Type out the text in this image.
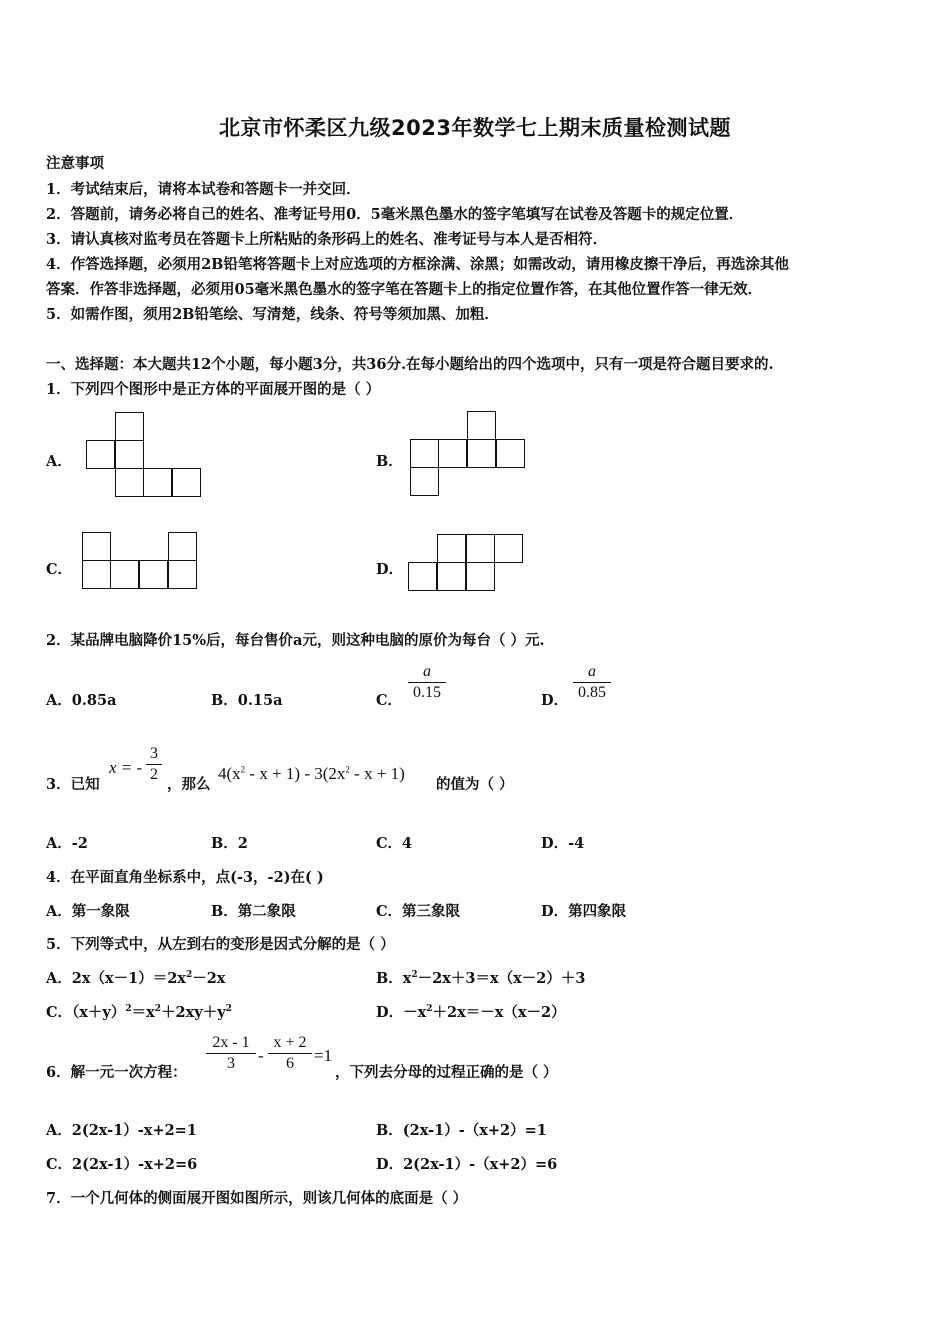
北京市怀柔区九级2023年数学七上期末质量检测试题
注意事项
1．考试结束后，请将本试卷和答题卡一并交回．
2．答题前，请务必将自己的姓名、准考证号用0．5毫米黑色墨水的签字笔填写在试卷及答题卡的规定位置．
3．请认真核对监考员在答题卡上所粘贴的条形码上的姓名、准考证号与本人是否相符．
4．作答选择题，必须用2B铅笔将答题卡上对应选项的方框涂满、涂黑；如需改动，请用橡皮擦干净后，再选涂其他
答案．作答非选择题，必须用05毫米黑色墨水的签字笔在答题卡上的指定位置作答，在其他位置作答一律无效．
5．如需作图，须用2B铅笔绘、写清楚，线条、符号等须加黑、加粗．
一、选择题：本大题共12个小题，每小题3分，共36分.在每小题给出的四个选项中，只有一项是符合题目要求的.
1．下列四个图形中是正方体的平面展开图的是（ ）
A．	B．
C．	D．
2．某品牌电脑降价15%后，每台售价a元，则这种电脑的原价为每台（ ）元.
A．0.85a	B．0.15a	C．
a
0.15	D．
a
0.85
3．已知
x = -
3
2
，那么
$4(x^2 - x + 1) - 3(2x^2 - x + 1)$
的值为（ ）
A．-2	B．2	C．4	D．-4
4．在平面直角坐标系中，点(-3，-2)在( )
A．第一象限	B．第二象限	C．第三象限	D．第四象限
5．下列等式中，从左到右的变形是因式分解的是（ ）
A．$2x(x-1)=2x^2-2x$	B．$x^2-2x+3=x(x-2)+3$
C．$(x+y)^2=x^2+2xy+y^2$	D．$-x^2+2x=-x(x-2)$
6．解一元一次方程：
2x - 1
3	-
x + 2
6	=1
，下列去分母的过程正确的是（ ）
A．2(2x-1）-x+2=1	B．(2x-1）-（x+2）=1
C．2(2x-1）-x+2=6	D．2(2x-1）-（x+2）=6
7．一个几何体的侧面展开图如图所示，则该几何体的底面是（ ）
